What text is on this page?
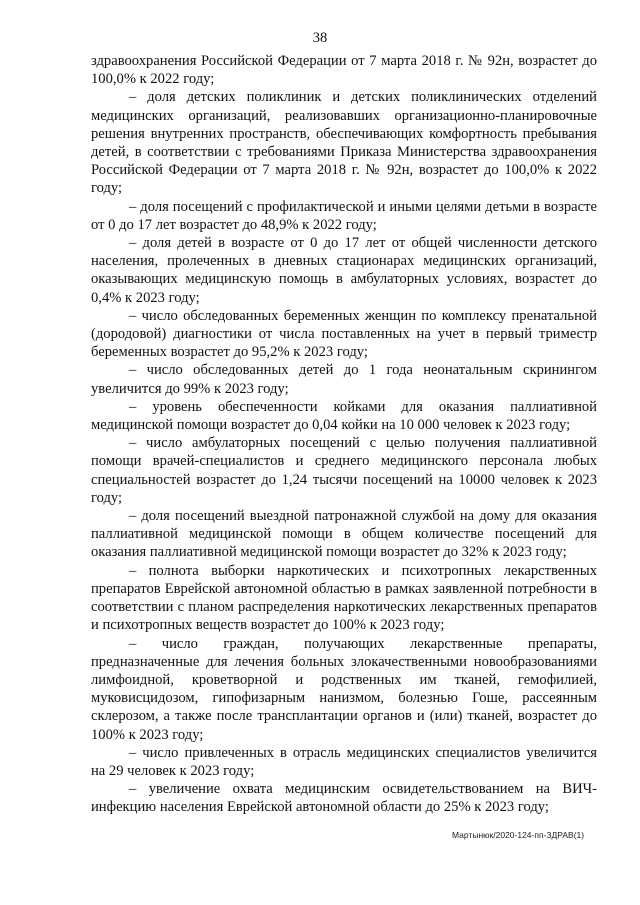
38

здравоохранения Российской Федерации от 7 марта 2018 г. № 92н, возрастет до 100,0% к 2022 году;

– доля детских поликлиник и детских поликлинических отделений медицинских организаций, реализовавших организационно-планировочные решения внутренних пространств, обеспечивающих комфортность пребывания детей, в соответствии с требованиями Приказа Министерства здравоохранения Российской Федерации от 7 марта 2018 г. № 92н, возрастет до 100,0% к 2022 году;

– доля посещений с профилактической и иными целями детьми в возрасте от 0 до 17 лет возрастет до 48,9% к 2022 году;

– доля детей в возрасте от 0 до 17 лет от общей численности детского населения, пролеченных в дневных стационарах медицинских организаций, оказывающих медицинскую помощь в амбулаторных условиях, возрастет до 0,4% к 2023 году;

– число обследованных беременных женщин по комплексу пренатальной (дородовой) диагностики от числа поставленных на учет в первый триместр беременных возрастет до 95,2% к 2023 году;

– число обследованных детей до 1 года неонатальным скринингом увеличится до 99% к 2023 году;

– уровень обеспеченности койками для оказания паллиативной медицинской помощи возрастет до 0,04 койки на 10 000 человек к 2023 году;

– число амбулаторных посещений с целью получения паллиативной помощи врачей-специалистов и среднего медицинского персонала любых специальностей возрастет до 1,24 тысячи посещений на 10000 человек к 2023 году;

– доля посещений выездной патронажной службой на дому для оказания паллиативной медицинской помощи в общем количестве посещений для оказания паллиативной медицинской помощи возрастет до 32% к 2023 году;

– полнота выборки наркотических и психотропных лекарственных препаратов Еврейской автономной областью в рамках заявленной потребности в соответствии с планом распределения наркотических лекарственных препаратов и психотропных веществ возрастет до 100% к 2023 году;

– число граждан, получающих лекарственные препараты, предназначенные для лечения больных злокачественными новообразованиями лимфоидной, кроветворной и родственных им тканей, гемофилией, муковисцидозом, гипофизарным нанизмом, болезнью Гоше, рассеянным склерозом, а также после трансплантации органов и (или) тканей, возрастет до 100% к 2023 году;

– число привлеченных в отрасль медицинских специалистов увеличится на 29 человек к 2023 году;

– увеличение охвата медицинским освидетельствованием на ВИЧ-инфекцию населения Еврейской автономной области до 25% к 2023 году;

Мартынюк/2020-124-пп-ЗДРАВ(1)
